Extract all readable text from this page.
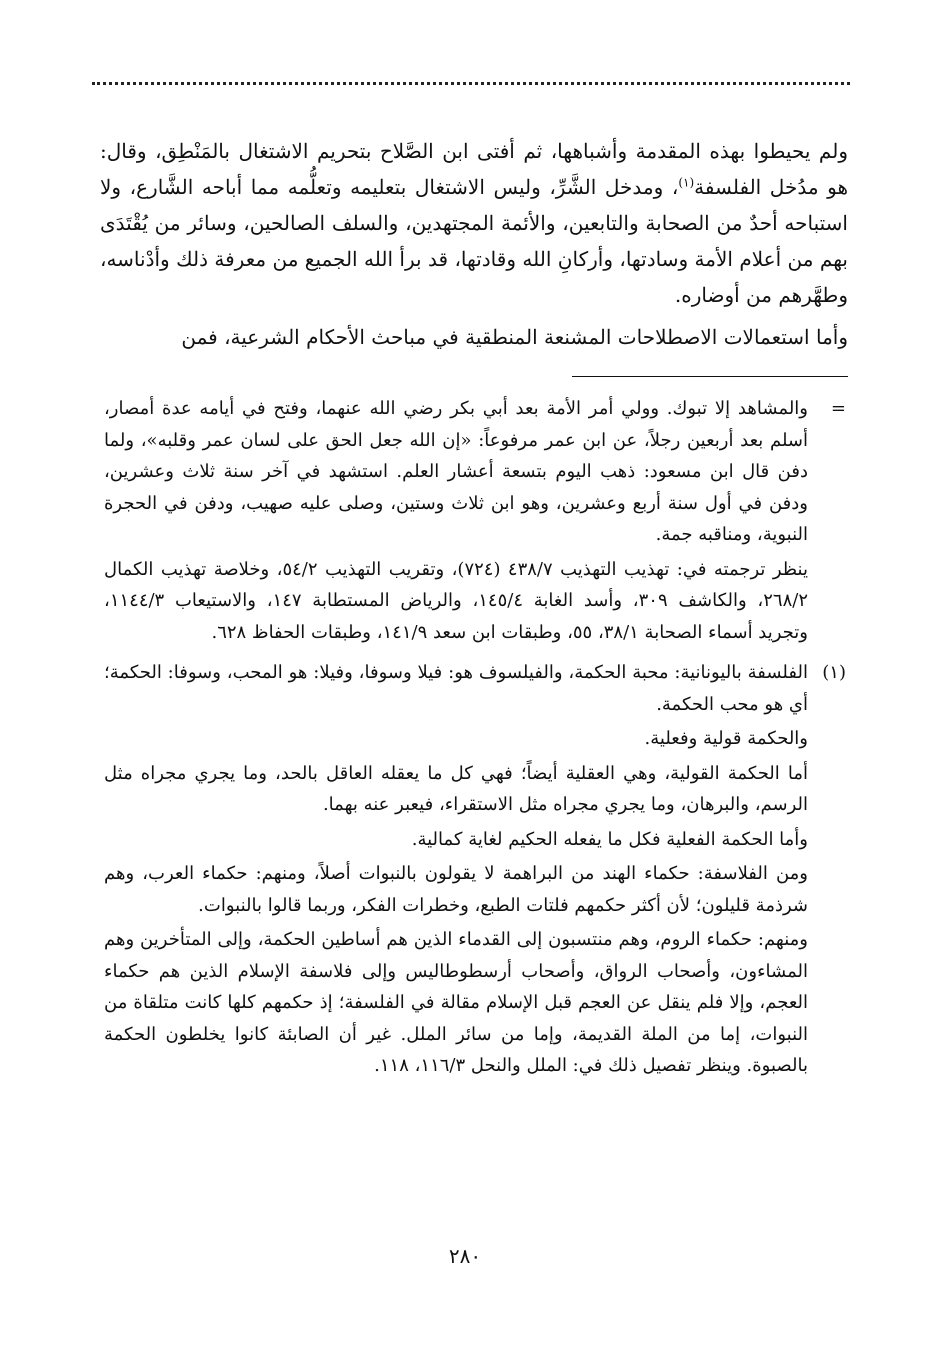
ولم يحيطوا بهذه المقدمة وأشباهها، ثم أفتى ابن الصَّلاح بتحريم الاشتغال بالمَنْطِق، وقال: هو مدُخل الفلسفة$^{(١)}$، ومدخل الشَّرِّ، وليس الاشتغال بتعليمه وتعلُّمه مما أباحه الشَّارع، ولا استباحه أحدٌ من الصحابة والتابعين، والأئمة المجتهدين، والسلف الصالحين، وسائر من يُقْتَدَى بهم من أعلام الأمة وسادتها، وأركانِ الله وقادتها، قد برأ الله الجميع من معرفة ذلك وأدْناسه، وطهَّرهم من أوضاره.

وأما استعمالات الاصطلاحات المشنعة المنطقية في مباحث الأحكام الشرعية، فمن

=

والمشاهد إلا تبوك. وولي أمر الأمة بعد أبي بكر رضي الله عنهما، وفتح في أيامه عدة أمصار، أسلم بعد أربعين رجلاً، عن ابن عمر مرفوعاً: «إن الله جعل الحق على لسان عمر وقلبه»، ولما دفن قال ابن مسعود: ذهب اليوم بتسعة أعشار العلم. استشهد في آخر سنة ثلاث وعشرين، ودفن في أول سنة أربع وعشرين، وهو ابن ثلاث وستين، وصلى عليه صهيب، ودفن في الحجرة النبوية، ومناقبه جمة.

ينظر ترجمته في: تهذيب التهذيب ٤٣٨/٧ (٧٢٤)، وتقريب التهذيب ٥٤/٢، وخلاصة تهذيب الكمال ٢٦٨/٢، والكاشف ٣٠٩، وأسد الغابة ١٤٥/٤، والرياض المستطابة ١٤٧، والاستيعاب ١١٤٤/٣، وتجريد أسماء الصحابة ٣٨/١، ٥٥، وطبقات ابن سعد ١٤١/٩، وطبقات الحفاظ ٦٢٨.

(١)

الفلسفة باليونانية: محبة الحكمة، والفيلسوف هو: فيلا وسوفا، وفيلا: هو المحب، وسوفا: الحكمة؛ أي هو محب الحكمة.

والحكمة قولية وفعلية.

أما الحكمة القولية، وهي العقلية أيضاً؛ فهي كل ما يعقله العاقل بالحد، وما يجري مجراه مثل الرسم، والبرهان، وما يجري مجراه مثل الاستقراء، فيعبر عنه بهما.

وأما الحكمة الفعلية فكل ما يفعله الحكيم لغاية كمالية.

ومن الفلاسفة: حكماء الهند من البراهمة لا يقولون بالنبوات أصلاً، ومنهم: حكماء العرب، وهم شرذمة قليلون؛ لأن أكثر حكمهم فلتات الطبع، وخطرات الفكر، وربما قالوا بالنبوات.

ومنهم: حكماء الروم، وهم منتسبون إلى القدماء الذين هم أساطين الحكمة، وإلى المتأخرين وهم المشاءون، وأصحاب الرواق، وأصحاب أرسطوطاليس وإلى فلاسفة الإسلام الذين هم حكماء العجم، وإلا فلم ينقل عن العجم قبل الإسلام مقالة في الفلسفة؛ إذ حكمهم كلها كانت متلقاة من النبوات، إما من الملة القديمة، وإما من سائر الملل. غير أن الصابئة كانوا يخلطون الحكمة بالصبوة. وينظر تفصيل ذلك في: الملل والنحل ١١٦/٣، ١١٨.

٢٨٠
